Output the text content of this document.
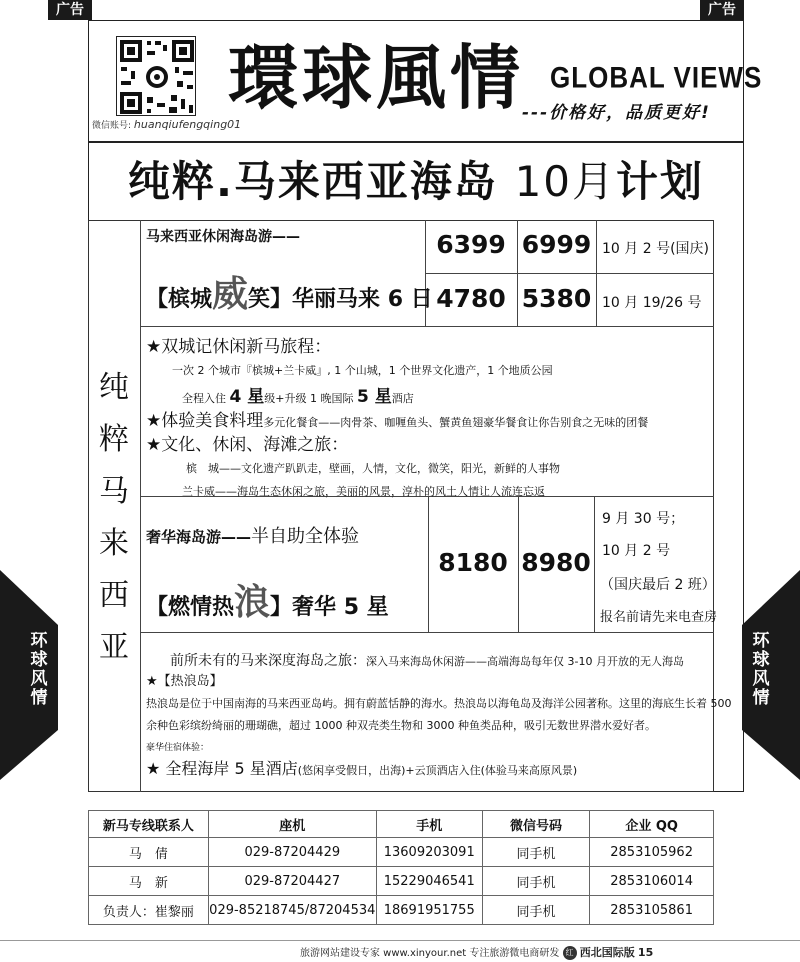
广告	广告
微信账号: huanqiufengqing01
環球風情 GLOBAL VIEWS
---价格好，品质更好!
纯粹.马来西亚海岛 10月计划
纯
粹
马
来
西
亚
马来西亚休闲海岛游——
【槟城威笑】华丽马来 6 日
6399 6999 10 月 2 号(国庆)
4780 5380 10 月 19/26 号
★双城记休闲新马旅程：
一次 2 个城市『槟城+兰卡威』, 1 个山城，1 个世界文化遗产，1 个地质公园
全程入住 4 星级+升级 1 晚国际 5 星酒店
★体验美食料理多元化餐食——肉骨茶、咖喱鱼头、蟹黄鱼翅豪华餐食让你告别食之无味的团餐
★文化、休闲、海滩之旅：
槟　城——文化遗产趴趴走，壁画，人情，文化，微笑，阳光，新鲜的人事物
兰卡威——海岛生态休闲之旅，美丽的风景，淳朴的风土人情让人流连忘返
奢华海岛游——半自助全体验
【燃情热浪】奢华 5 星
8180 8980
9 月 30 号；
10 月 2 号
（国庆最后 2 班）
报名前请先来电查房
前所未有的马来深度海岛之旅：深入马来海岛休闲游——高端海岛每年仅 3-10 月开放的无人海岛
★【热浪岛】
热浪岛是位于中国南海的马来西亚岛屿。拥有蔚蓝恬静的海水。热浪岛以海龟岛及海洋公园著称。这里的海底生长着 500
余种色彩缤纷绮丽的珊瑚礁，超过 1000 种双壳类生物和 3000 种鱼类品种，吸引无数世界潜水爱好者。
豪华住宿体验：
★ 全程海岸 5 星酒店(悠闲享受假日，出海)+云顶酒店入住(体验马来高原风景)
新马专线联系人	座机	手机	微信号码	企业 QQ
马　倩	029-87204429	13609203091	同手机	2853105962
马　新	029-87204427	15229046541	同手机	2853106014
负责人：崔黎丽	029-85218745/87204534	18691951755	同手机	2853105861
环球风情
环球风情
旅游网站建设专家 www.xinyour.net 专注旅游微电商研发 红 西北国际版 15
